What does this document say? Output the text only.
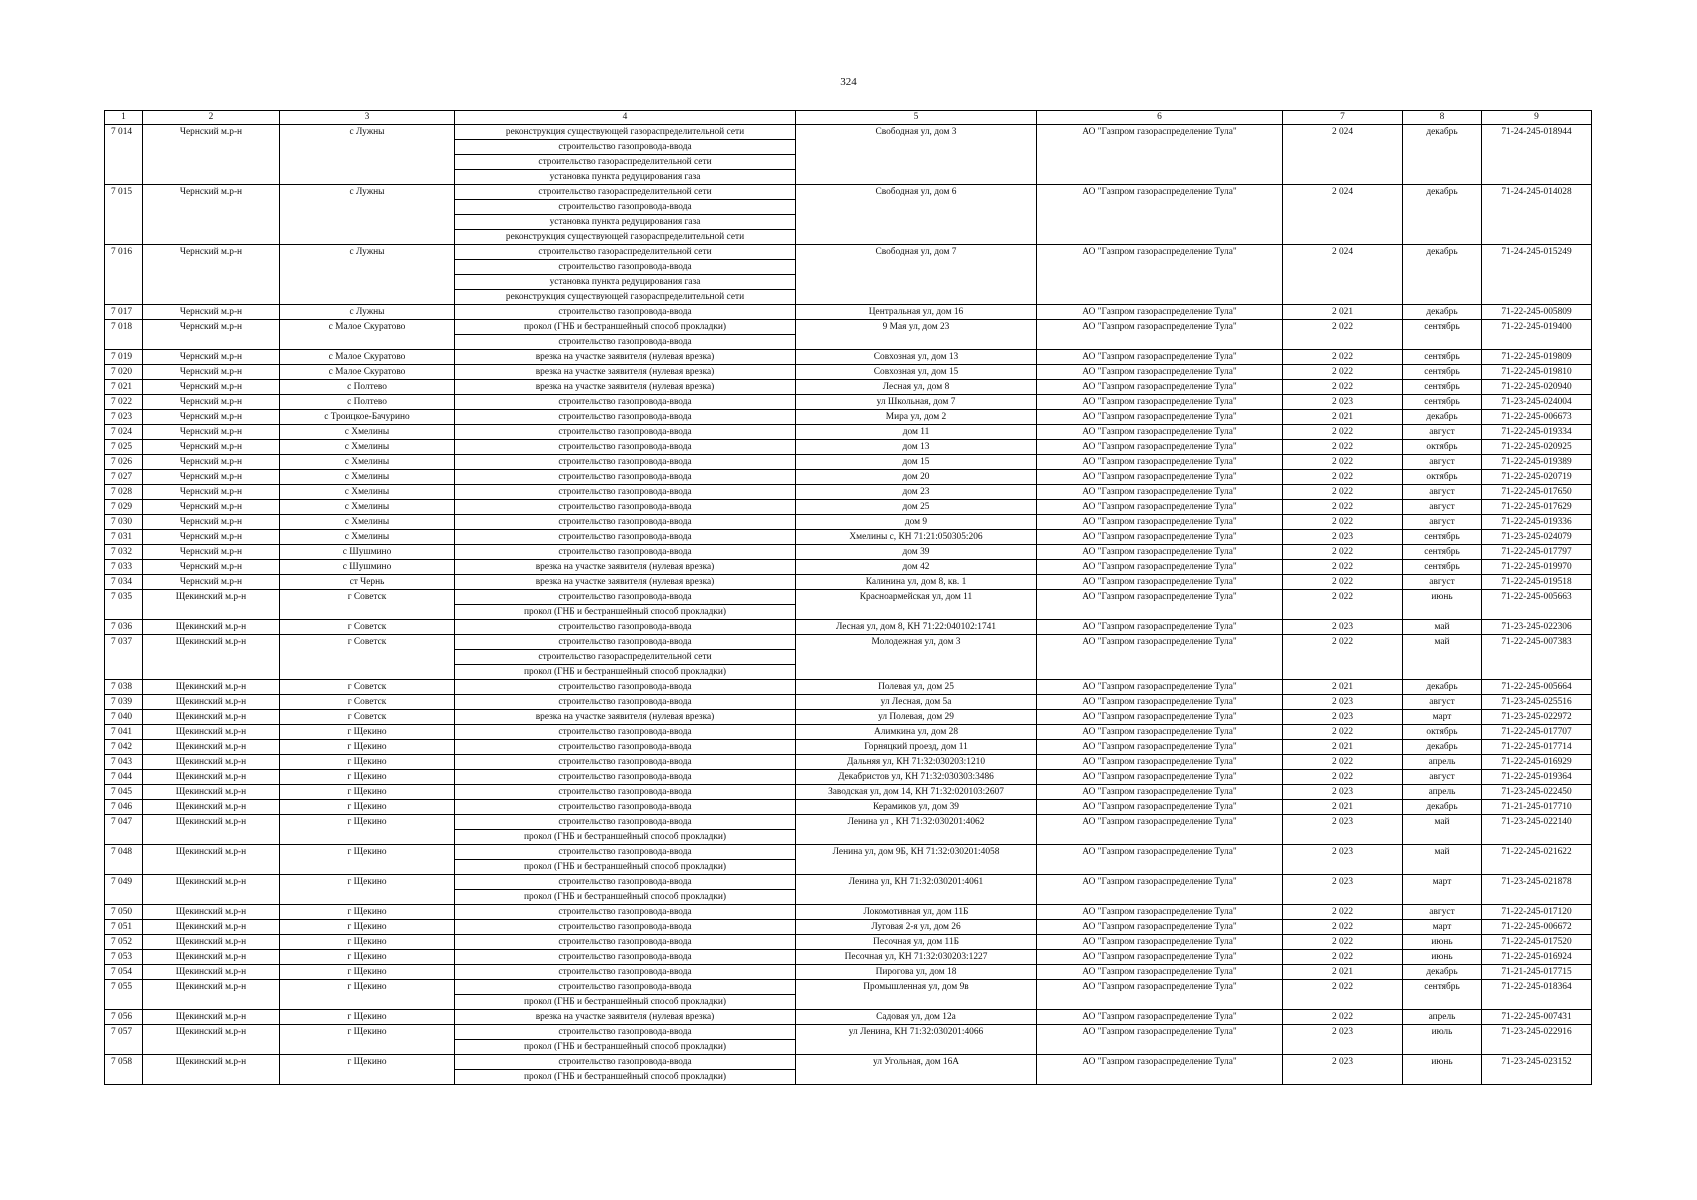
324
1	2	3	4	5	6	7	8	9
7 014	Чернский м.р-н	с Лужны	реконструкция существующей газораспределительной сети	Свободная ул, дом 3	АО "Газпром газораспределение Тула"	2 024	декабрь	71-24-245-018944
			строительство газопровода-ввода					
			строительство газораспределительной сети					
			установка пункта редуцирования газа					
7 015	Чернский м.р-н	с Лужны	строительство газораспределительной сети	Свободная ул, дом 6	АО "Газпром газораспределение Тула"	2 024	декабрь	71-24-245-014028
			строительство газопровода-ввода					
			установка пункта редуцирования газа					
			реконструкция существующей газораспределительной сети					
7 016	Чернский м.р-н	с Лужны	строительство газораспределительной сети	Свободная ул, дом 7	АО "Газпром газораспределение Тула"	2 024	декабрь	71-24-245-015249
			строительство газопровода-ввода					
			установка пункта редуцирования газа					
			реконструкция существующей газораспределительной сети					
7 017	Чернский м.р-н	с Лужны	строительство газопровода-ввода	Центральная ул, дом 16	АО "Газпром газораспределение Тула"	2 021	декабрь	71-22-245-005809
7 018	Чернский м.р-н	с Малое Скуратово	прокол (ГНБ и бестраншейный способ прокладки)	9 Мая ул, дом 23	АО "Газпром газораспределение Тула"	2 022	сентябрь	71-22-245-019400
			строительство газопровода-ввода					
7 019	Чернский м.р-н	с Малое Скуратово	врезка на участке заявителя (нулевая врезка)	Совхозная ул, дом 13	АО "Газпром газораспределение Тула"	2 022	сентябрь	71-22-245-019809
7 020	Чернский м.р-н	с Малое Скуратово	врезка на участке заявителя (нулевая врезка)	Совхозная ул, дом 15	АО "Газпром газораспределение Тула"	2 022	сентябрь	71-22-245-019810
7 021	Чернский м.р-н	с Полтево	врезка на участке заявителя (нулевая врезка)	Лесная ул, дом 8	АО "Газпром газораспределение Тула"	2 022	сентябрь	71-22-245-020940
7 022	Чернский м.р-н	с Полтево	строительство газопровода-ввода	ул Школьная, дом 7	АО "Газпром газораспределение Тула"	2 023	сентябрь	71-23-245-024004
7 023	Чернский м.р-н	с Троицкое-Бачурино	строительство газопровода-ввода	Мира ул, дом 2	АО "Газпром газораспределение Тула"	2 021	декабрь	71-22-245-006673
7 024	Чернский м.р-н	с Хмелины	строительство газопровода-ввода	дом 11	АО "Газпром газораспределение Тула"	2 022	август	71-22-245-019334
7 025	Чернский м.р-н	с Хмелины	строительство газопровода-ввода	дом 13	АО "Газпром газораспределение Тула"	2 022	октябрь	71-22-245-020925
7 026	Чернский м.р-н	с Хмелины	строительство газопровода-ввода	дом 15	АО "Газпром газораспределение Тула"	2 022	август	71-22-245-019389
7 027	Чернский м.р-н	с Хмелины	строительство газопровода-ввода	дом 20	АО "Газпром газораспределение Тула"	2 022	октябрь	71-22-245-020719
7 028	Чернский м.р-н	с Хмелины	строительство газопровода-ввода	дом 23	АО "Газпром газораспределение Тула"	2 022	август	71-22-245-017650
7 029	Чернский м.р-н	с Хмелины	строительство газопровода-ввода	дом 25	АО "Газпром газораспределение Тула"	2 022	август	71-22-245-017629
7 030	Чернский м.р-н	с Хмелины	строительство газопровода-ввода	дом 9	АО "Газпром газораспределение Тула"	2 022	август	71-22-245-019336
7 031	Чернский м.р-н	с Хмелины	строительство газопровода-ввода	Хмелины с, КН 71:21:050305:206	АО "Газпром газораспределение Тула"	2 023	сентябрь	71-23-245-024079
7 032	Чернский м.р-н	с Шушмино	строительство газопровода-ввода	дом 39	АО "Газпром газораспределение Тула"	2 022	сентябрь	71-22-245-017797
7 033	Чернский м.р-н	с Шушмино	врезка на участке заявителя (нулевая врезка)	дом 42	АО "Газпром газораспределение Тула"	2 022	сентябрь	71-22-245-019970
7 034	Чернский м.р-н	ст Чернь	врезка на участке заявителя (нулевая врезка)	Калинина ул, дом 8, кв. 1	АО "Газпром газораспределение Тула"	2 022	август	71-22-245-019518
7 035	Щекинский м.р-н	г Советск	строительство газопровода-ввода	Красноармейская ул, дом 11	АО "Газпром газораспределение Тула"	2 022	июнь	71-22-245-005663
			прокол (ГНБ и бестраншейный способ прокладки)					
7 036	Щекинский м.р-н	г Советск	строительство газопровода-ввода	Лесная ул, дом 8, КН 71:22:040102:1741	АО "Газпром газораспределение Тула"	2 023	май	71-23-245-022306
7 037	Щекинский м.р-н	г Советск	строительство газопровода-ввода	Молодежная ул, дом 3	АО "Газпром газораспределение Тула"	2 022	май	71-22-245-007383
			строительство газораспределительной сети					
			прокол (ГНБ и бестраншейный способ прокладки)					
7 038	Щекинский м.р-н	г Советск	строительство газопровода-ввода	Полевая ул, дом 25	АО "Газпром газораспределение Тула"	2 021	декабрь	71-22-245-005664
7 039	Щекинский м.р-н	г Советск	строительство газопровода-ввода	ул Лесная, дом 5а	АО "Газпром газораспределение Тула"	2 023	август	71-23-245-025516
7 040	Щекинский м.р-н	г Советск	врезка на участке заявителя (нулевая врезка)	ул Полевая, дом 29	АО "Газпром газораспределение Тула"	2 023	март	71-23-245-022972
7 041	Щекинский м.р-н	г Щекино	строительство газопровода-ввода	Алимкина ул, дом 28	АО "Газпром газораспределение Тула"	2 022	октябрь	71-22-245-017707
7 042	Щекинский м.р-н	г Щекино	строительство газопровода-ввода	Горняцкий проезд, дом 11	АО "Газпром газораспределение Тула"	2 021	декабрь	71-22-245-017714
7 043	Щекинский м.р-н	г Щекино	строительство газопровода-ввода	Дальняя ул, КН 71:32:030203:1210	АО "Газпром газораспределение Тула"	2 022	апрель	71-22-245-016929
7 044	Щекинский м.р-н	г Щекино	строительство газопровода-ввода	Декабристов ул, КН 71:32:030303:3486	АО "Газпром газораспределение Тула"	2 022	август	71-22-245-019364
7 045	Щекинский м.р-н	г Щекино	строительство газопровода-ввода	Заводская ул, дом 14, КН 71:32:020103:2607	АО "Газпром газораспределение Тула"	2 023	апрель	71-23-245-022450
7 046	Щекинский м.р-н	г Щекино	строительство газопровода-ввода	Керамиков ул, дом 39	АО "Газпром газораспределение Тула"	2 021	декабрь	71-21-245-017710
7 047	Щекинский м.р-н	г Щекино	строительство газопровода-ввода	Ленина ул , КН 71:32:030201:4062	АО "Газпром газораспределение Тула"	2 023	май	71-23-245-022140
			прокол (ГНБ и бестраншейный способ прокладки)					
7 048	Щекинский м.р-н	г Щекино	строительство газопровода-ввода	Ленина ул, дом 9Б, КН 71:32:030201:4058	АО "Газпром газораспределение Тула"	2 023	май	71-22-245-021622
			прокол (ГНБ и бестраншейный способ прокладки)					
7 049	Щекинский м.р-н	г Щекино	строительство газопровода-ввода	Ленина ул, КН 71:32:030201:4061	АО "Газпром газораспределение Тула"	2 023	март	71-23-245-021878
			прокол (ГНБ и бестраншейный способ прокладки)					
7 050	Щекинский м.р-н	г Щекино	строительство газопровода-ввода	Локомотивная ул, дом 11Б	АО "Газпром газораспределение Тула"	2 022	август	71-22-245-017120
7 051	Щекинский м.р-н	г Щекино	строительство газопровода-ввода	Луговая 2-я ул, дом 26	АО "Газпром газораспределение Тула"	2 022	март	71-22-245-006672
7 052	Щекинский м.р-н	г Щекино	строительство газопровода-ввода	Песочная ул, дом 11Б	АО "Газпром газораспределение Тула"	2 022	июнь	71-22-245-017520
7 053	Щекинский м.р-н	г Щекино	строительство газопровода-ввода	Песочная ул, КН 71:32:030203:1227	АО "Газпром газораспределение Тула"	2 022	июнь	71-22-245-016924
7 054	Щекинский м.р-н	г Щекино	строительство газопровода-ввода	Пирогова ул, дом 18	АО "Газпром газораспределение Тула"	2 021	декабрь	71-21-245-017715
7 055	Щекинский м.р-н	г Щекино	строительство газопровода-ввода	Промышленная ул, дом 9в	АО "Газпром газораспределение Тула"	2 022	сентябрь	71-22-245-018364
			прокол (ГНБ и бестраншейный способ прокладки)					
7 056	Щекинский м.р-н	г Щекино	врезка на участке заявителя (нулевая врезка)	Садовая ул, дом 12а	АО "Газпром газораспределение Тула"	2 022	апрель	71-22-245-007431
7 057	Щекинский м.р-н	г Щекино	строительство газопровода-ввода	ул Ленина, КН 71:32:030201:4066	АО "Газпром газораспределение Тула"	2 023	июль	71-23-245-022916
			прокол (ГНБ и бестраншейный способ прокладки)					
7 058	Щекинский м.р-н	г Щекино	строительство газопровода-ввода	ул Угольная, дом 16А	АО "Газпром газораспределение Тула"	2 023	июнь	71-23-245-023152
			прокол (ГНБ и бестраншейный способ прокладки)					
